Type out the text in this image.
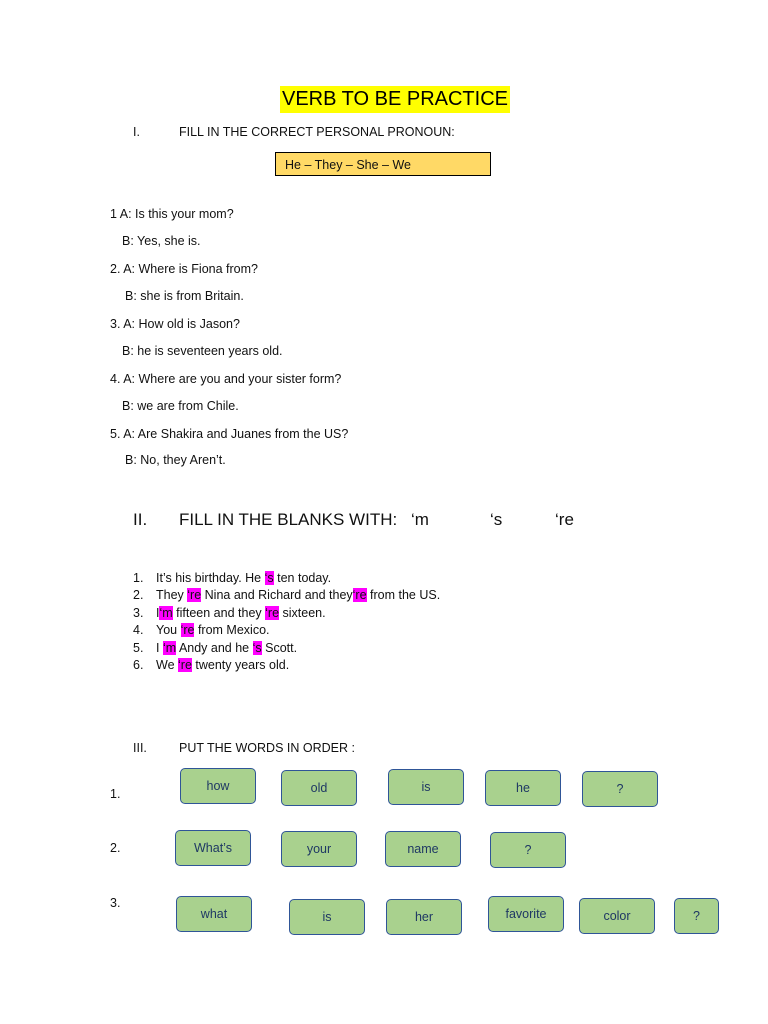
VERB TO BE PRACTICE
I.	FILL IN THE CORRECT PERSONAL PRONOUN:
He – They – She – We
1 A: Is this your mom?
B: Yes, she is.
2. A: Where is Fiona from?
B: she is from Britain.
3. A: How old is Jason?
B: he is seventeen years old.
4. A: Where are you and your sister form?
B: we are from Chile.
5. A: Are Shakira and Juanes from the US?
B: No, they Aren’t.
II. FILL IN THE BLANKS WITH: ‘m	‘s	‘re
1. It’s his birthday. He ‘s ten today.
2. They ‘re Nina and Richard and they‘re from the US.
3. I‘m fifteen and they ‘re sixteen.
4. You ‘re from Mexico.
5. I ‘m Andy and he ‘s Scott.
6. We ‘re twenty years old.
III.	PUT THE WORDS IN ORDER :
1.
how	old	is	he	?
2.	What’s	your	name	?
3.
what	is	her	favorite	color	?
